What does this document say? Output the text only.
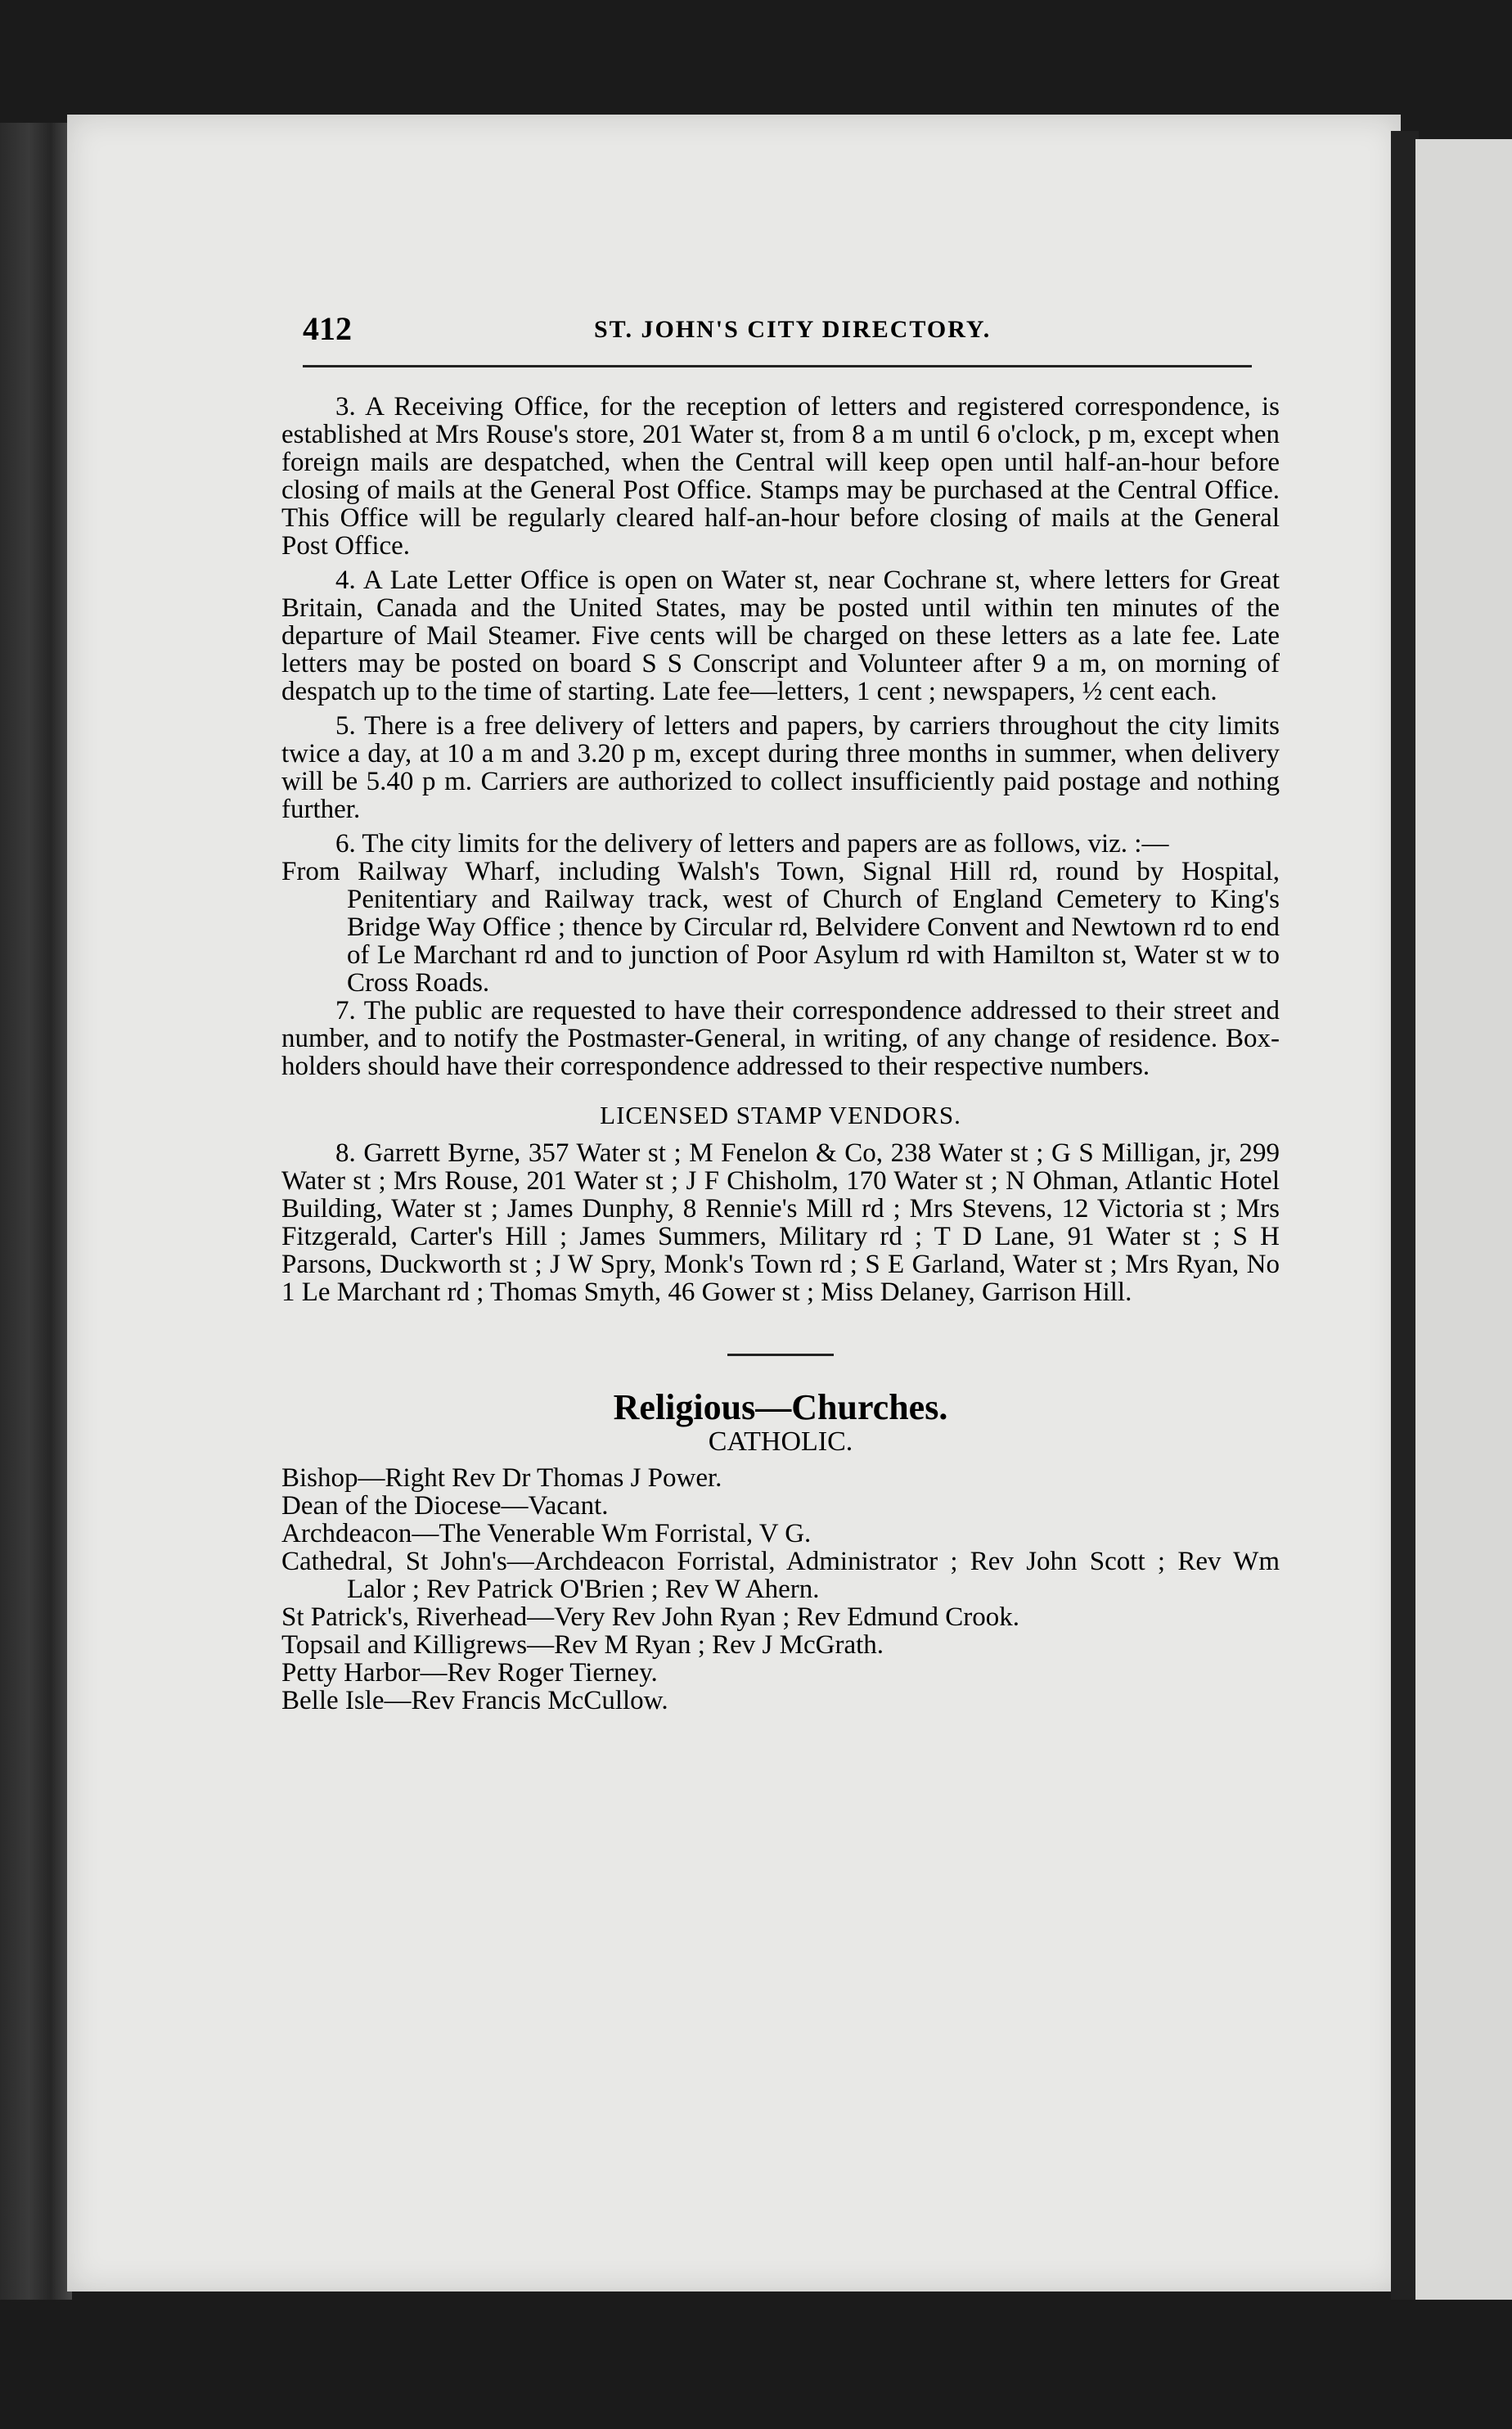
412	ST. JOHN'S CITY DIRECTORY.

3. A Receiving Office, for the reception of letters and registered correspondence, is established at Mrs Rouse's store, 201 Water st, from 8 a m until 6 o'clock, p m, except when foreign mails are despatched, when the Central will keep open until half-an-hour before closing of mails at the General Post Office. Stamps may be purchased at the Central Office. This Office will be regularly cleared half-an-hour before closing of mails at the General Post Office.

4. A Late Letter Office is open on Water st, near Cochrane st, where letters for Great Britain, Canada and the United States, may be posted until within ten minutes of the departure of Mail Steamer. Five cents will be charged on these letters as a late fee. Late letters may be posted on board S S Conscript and Volunteer after 9 a m, on morning of despatch up to the time of starting. Late fee—letters, 1 cent ; newspapers, ½ cent each.

5. There is a free delivery of letters and papers, by carriers throughout the city limits twice a day, at 10 a m and 3.20 p m, except during three months in summer, when delivery will be 5.40 p m. Carriers are authorized to collect insufficiently paid postage and nothing further.

6. The city limits for the delivery of letters and papers are as follows, viz. :—

From Railway Wharf, including Walsh's Town, Signal Hill rd, round by Hospital, Penitentiary and Railway track, west of Church of England Cemetery to King's Bridge Way Office ; thence by Circular rd, Belvidere Convent and Newtown rd to end of Le Marchant rd and to junction of Poor Asylum rd with Hamilton st, Water st w to Cross Roads.

7. The public are requested to have their correspondence addressed to their street and number, and to notify the Postmaster-General, in writing, of any change of residence. Box-holders should have their correspondence addressed to their respective numbers.

LICENSED STAMP VENDORS.

8. Garrett Byrne, 357 Water st ; M Fenelon & Co, 238 Water st ; G S Milligan, jr, 299 Water st ; Mrs Rouse, 201 Water st ; J F Chisholm, 170 Water st ; N Ohman, Atlantic Hotel Building, Water st ; James Dunphy, 8 Rennie's Mill rd ; Mrs Stevens, 12 Victoria st ; Mrs Fitzgerald, Carter's Hill ; James Summers, Military rd ; T D Lane, 91 Water st ; S H Parsons, Duckworth st ; J W Spry, Monk's Town rd ; S E Garland, Water st ; Mrs Ryan, No 1 Le Marchant rd ; Thomas Smyth, 46 Gower st ; Miss Delaney, Garrison Hill.

Religious—Churches.
CATHOLIC.

Bishop—Right Rev Dr Thomas J Power.

Dean of the Diocese—Vacant.

Archdeacon—The Venerable Wm Forristal, V G.

Cathedral, St John's—Archdeacon Forristal, Administrator ; Rev John Scott ; Rev Wm Lalor ; Rev Patrick O'Brien ; Rev W Ahern.

St Patrick's, Riverhead—Very Rev John Ryan ; Rev Edmund Crook.

Topsail and Killigrews—Rev M Ryan ; Rev J McGrath.

Petty Harbor—Rev Roger Tierney.

Belle Isle—Rev Francis McCullow.
